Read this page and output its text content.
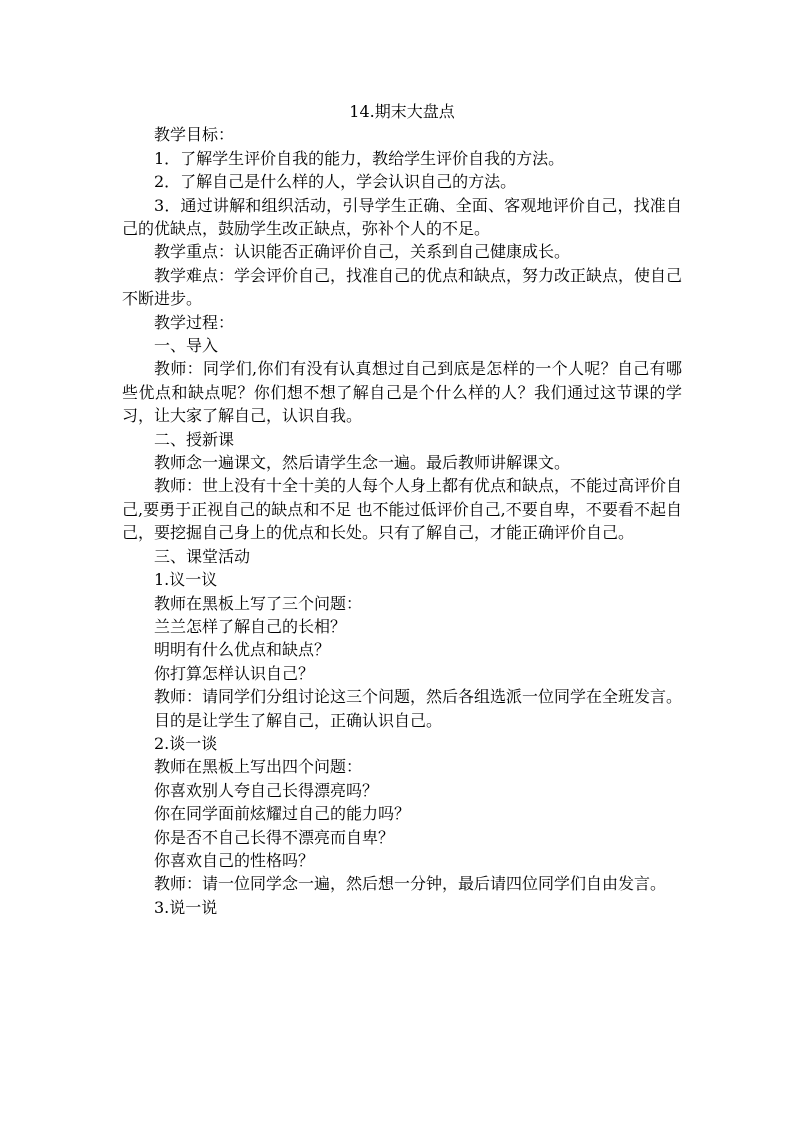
14.期末大盘点

教学目标：

1．了解学生评价自我的能力，教给学生评价自我的方法。

2．了解自己是什么样的人，学会认识自己的方法。

3．通过讲解和组织活动，引导学生正确、全面、客观地评价自己，找准自己的优缺点，鼓励学生改正缺点，弥补个人的不足。

教学重点：认识能否正确评价自己，关系到自己健康成长。

教学难点：学会评价自己，找准自己的优点和缺点，努力改正缺点，使自己不断进步。

教学过程：

一、导入

教师：同学们,你们有没有认真想过自己到底是怎样的一个人呢？自己有哪些优点和缺点呢？你们想不想了解自己是个什么样的人？我们通过这节课的学习，让大家了解自己，认识自我。

二、授新课

教师念一遍课文，然后请学生念一遍。最后教师讲解课文。

教师：世上没有十全十美的人每个人身上都有优点和缺点，不能过高评价自己,要勇于正视自己的缺点和不足 也不能过低评价自己,不要自卑，不要看不起自己，要挖掘自己身上的优点和长处。只有了解自己，才能正确评价自己。

三、课堂活动

1.议一议

教师在黑板上写了三个问题：

兰兰怎样了解自己的长相？

明明有什么优点和缺点？

你打算怎样认识自己？

教师：请同学们分组讨论这三个问题，然后各组选派一位同学在全班发言。

目的是让学生了解自己，正确认识自己。

2.谈一谈

教师在黑板上写出四个问题：

你喜欢别人夸自己长得漂亮吗？

你在同学面前炫耀过自己的能力吗？

你是否不自己长得不漂亮而自卑？

你喜欢自己的性格吗？

教师：请一位同学念一遍，然后想一分钟，最后请四位同学们自由发言。

3.说一说
